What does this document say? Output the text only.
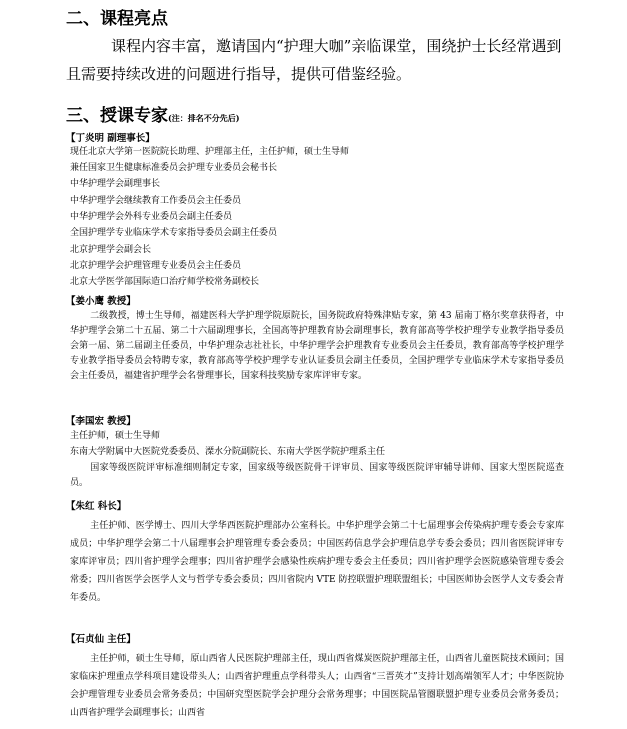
二、课程亮点
课程内容丰富，邀请国内“护理大咖”亲临课堂，围绕护士长经常遇到且需要持续改进的问题进行指导，提供可借鉴经验。
三、授课专家(注：排名不分先后)
【丁炎明 副理事长】
现任北京大学第一医院院长助理、护理部主任，主任护师，硕士生导师
兼任国家卫生健康标准委员会护理专业委员会秘书长
中华护理学会副理事长
中华护理学会继续教育工作委员会主任委员
中华护理学会外科专业委员会副主任委员
全国护理学专业临床学术专家指导委员会副主任委员
北京护理学会副会长
北京护理学会护理管理专业委员会主任委员
北京大学医学部国际造口治疗师学校常务副校长
【姜小鹰 教授】
二级教授，博士生导师，福建医科大学护理学院原院长，国务院政府特殊津贴专家，第 43 届南丁格尔奖章获得者，中华护理学会第二十五届、第二十六届副理事长，全国高等护理教育协会副理事长，教育部高等学校护理学专业教学指导委员会第一届、第二届副主任委员，中华护理杂志社社长，中华护理学会护理教育专业委员会主任委员，教育部高等学校护理学专业教学指导委员会特聘专家，教育部高等学校护理学专业认证委员会副主任委员，全国护理学专业临床学术专家指导委员会主任委员，福建省护理学会名誉理事长，国家科技奖励专家库评审专家。
【李国宏 教授】
主任护师，硕士生导师
东南大学附属中大医院党委委员、溧水分院副院长、东南大学医学院护理系主任
国家等级医院评审标准细则制定专家，国家级等级医院骨干评审员、国家等级医院评审辅导讲师、国家大型医院巡查员。
【朱红 科长】
主任护师、医学博士、四川大学华西医院护理部办公室科长。中华护理学会第二十七届理事会传染病护理专委会专家库成员；中华护理学会第二十八届理事会护理管理专委会委员；中国医药信息学会护理信息学专委会委员；四川省医院评审专家库评审员；四川省护理学会理事；四川省护理学会感染性疾病护理专委会主任委员；四川省护理学会医院感染管理专委会常委；四川省医学会医学人文与哲学专委会委员；四川省院内 VTE 防控联盟护理联盟组长；中国医师协会医学人文专委会青年委员。
【石贞仙 主任】
主任护师，硕士生导师，原山西省人民医院护理部主任，现山西省煤炭医院护理部主任，山西省儿童医院技术顾问；国家临床护理重点学科项目建设带头人；山西省护理重点学科带头人；山西省“三晋英才”支持计划高端领军人才；中华医院协会护理管理专业委员会常务委员；中国研究型医院学会护理分会常务理事；中国医院品管圈联盟护理专业委员会常务委员；山西省护理学会副理事长；山西省
